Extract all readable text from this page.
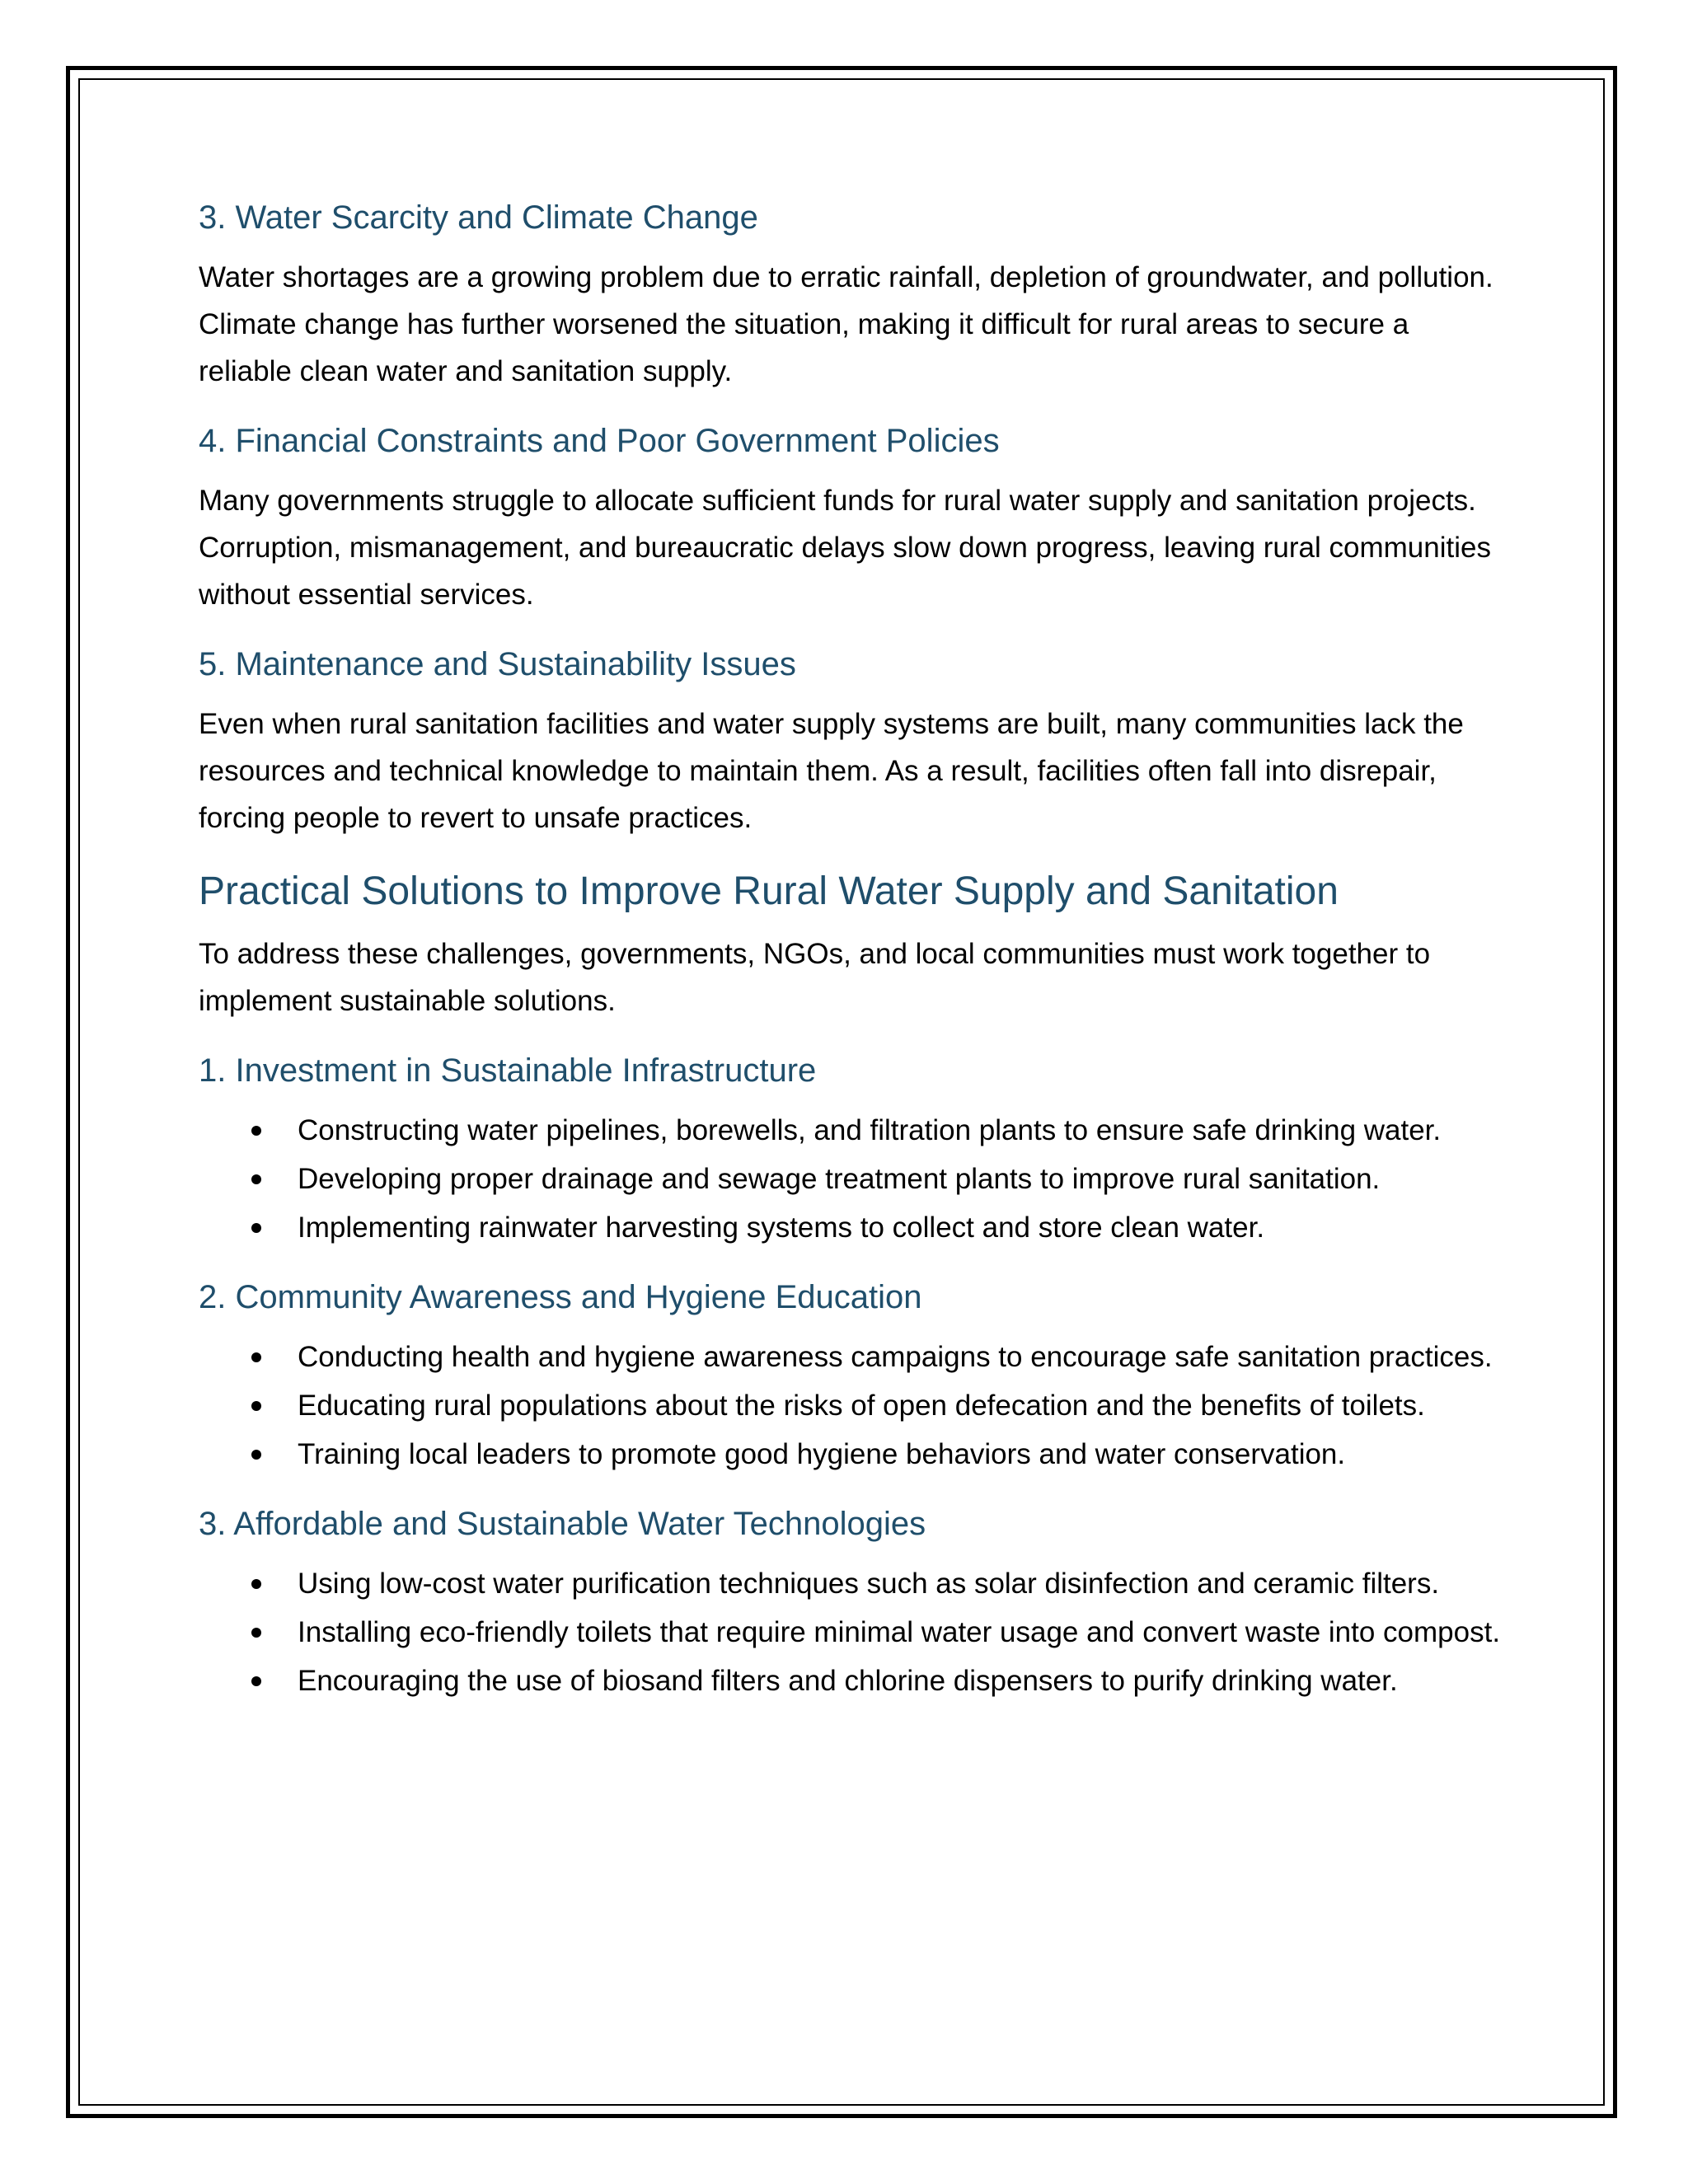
3. Water Scarcity and Climate Change

Water shortages are a growing problem due to erratic rainfall, depletion of groundwater, and pollution. Climate change has further worsened the situation, making it difficult for rural areas to secure a reliable clean water and sanitation supply.

4. Financial Constraints and Poor Government Policies

Many governments struggle to allocate sufficient funds for rural water supply and sanitation projects. Corruption, mismanagement, and bureaucratic delays slow down progress, leaving rural communities without essential services.

5. Maintenance and Sustainability Issues

Even when rural sanitation facilities and water supply systems are built, many communities lack the resources and technical knowledge to maintain them. As a result, facilities often fall into disrepair, forcing people to revert to unsafe practices.

Practical Solutions to Improve Rural Water Supply and Sanitation

To address these challenges, governments, NGOs, and local communities must work together to implement sustainable solutions.

1. Investment in Sustainable Infrastructure
Constructing water pipelines, borewells, and filtration plants to ensure safe drinking water.
Developing proper drainage and sewage treatment plants to improve rural sanitation.
Implementing rainwater harvesting systems to collect and store clean water.
2. Community Awareness and Hygiene Education
Conducting health and hygiene awareness campaigns to encourage safe sanitation practices.
Educating rural populations about the risks of open defecation and the benefits of toilets.
Training local leaders to promote good hygiene behaviors and water conservation.
3. Affordable and Sustainable Water Technologies
Using low-cost water purification techniques such as solar disinfection and ceramic filters.
Installing eco-friendly toilets that require minimal water usage and convert waste into compost.
Encouraging the use of biosand filters and chlorine dispensers to purify drinking water.
